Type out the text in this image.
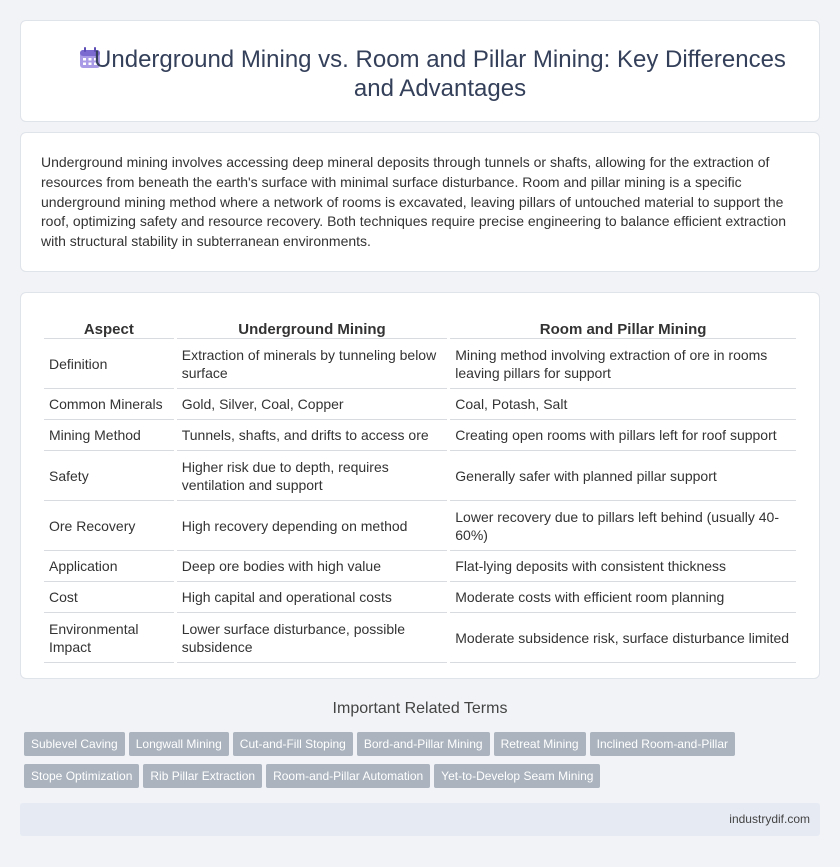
Underground Mining vs. Room and Pillar Mining: Key Differences and Advantages

Underground mining involves accessing deep mineral deposits through tunnels or shafts, allowing for the extraction of resources from beneath the earth's surface with minimal surface disturbance. Room and pillar mining is a specific underground mining method where a network of rooms is excavated, leaving pillars of untouched material to support the roof, optimizing safety and resource recovery. Both techniques require precise engineering to balance efficient extraction with structural stability in subterranean environments.

Aspect	Underground Mining	Room and Pillar Mining
Definition	Extraction of minerals by tunneling below surface	Mining method involving extraction of ore in rooms leaving pillars for support
Common Minerals	Gold, Silver, Coal, Copper	Coal, Potash, Salt
Mining Method	Tunnels, shafts, and drifts to access ore	Creating open rooms with pillars left for roof support
Safety	Higher risk due to depth, requires ventilation and support	Generally safer with planned pillar support
Ore Recovery	High recovery depending on method	Lower recovery due to pillars left behind (usually 40-60%)
Application	Deep ore bodies with high value	Flat-lying deposits with consistent thickness
Cost	High capital and operational costs	Moderate costs with efficient room planning
Environmental Impact	Lower surface disturbance, possible subsidence	Moderate subsidence risk, surface disturbance limited
Important Related Terms
Sublevel Caving Longwall Mining Cut-and-Fill Stoping Bord-and-Pillar Mining Retreat Mining Inclined Room-and-Pillar
Stope Optimization Rib Pillar Extraction Room-and-Pillar Automation Yet-to-Develop Seam Mining
industrydif.com
